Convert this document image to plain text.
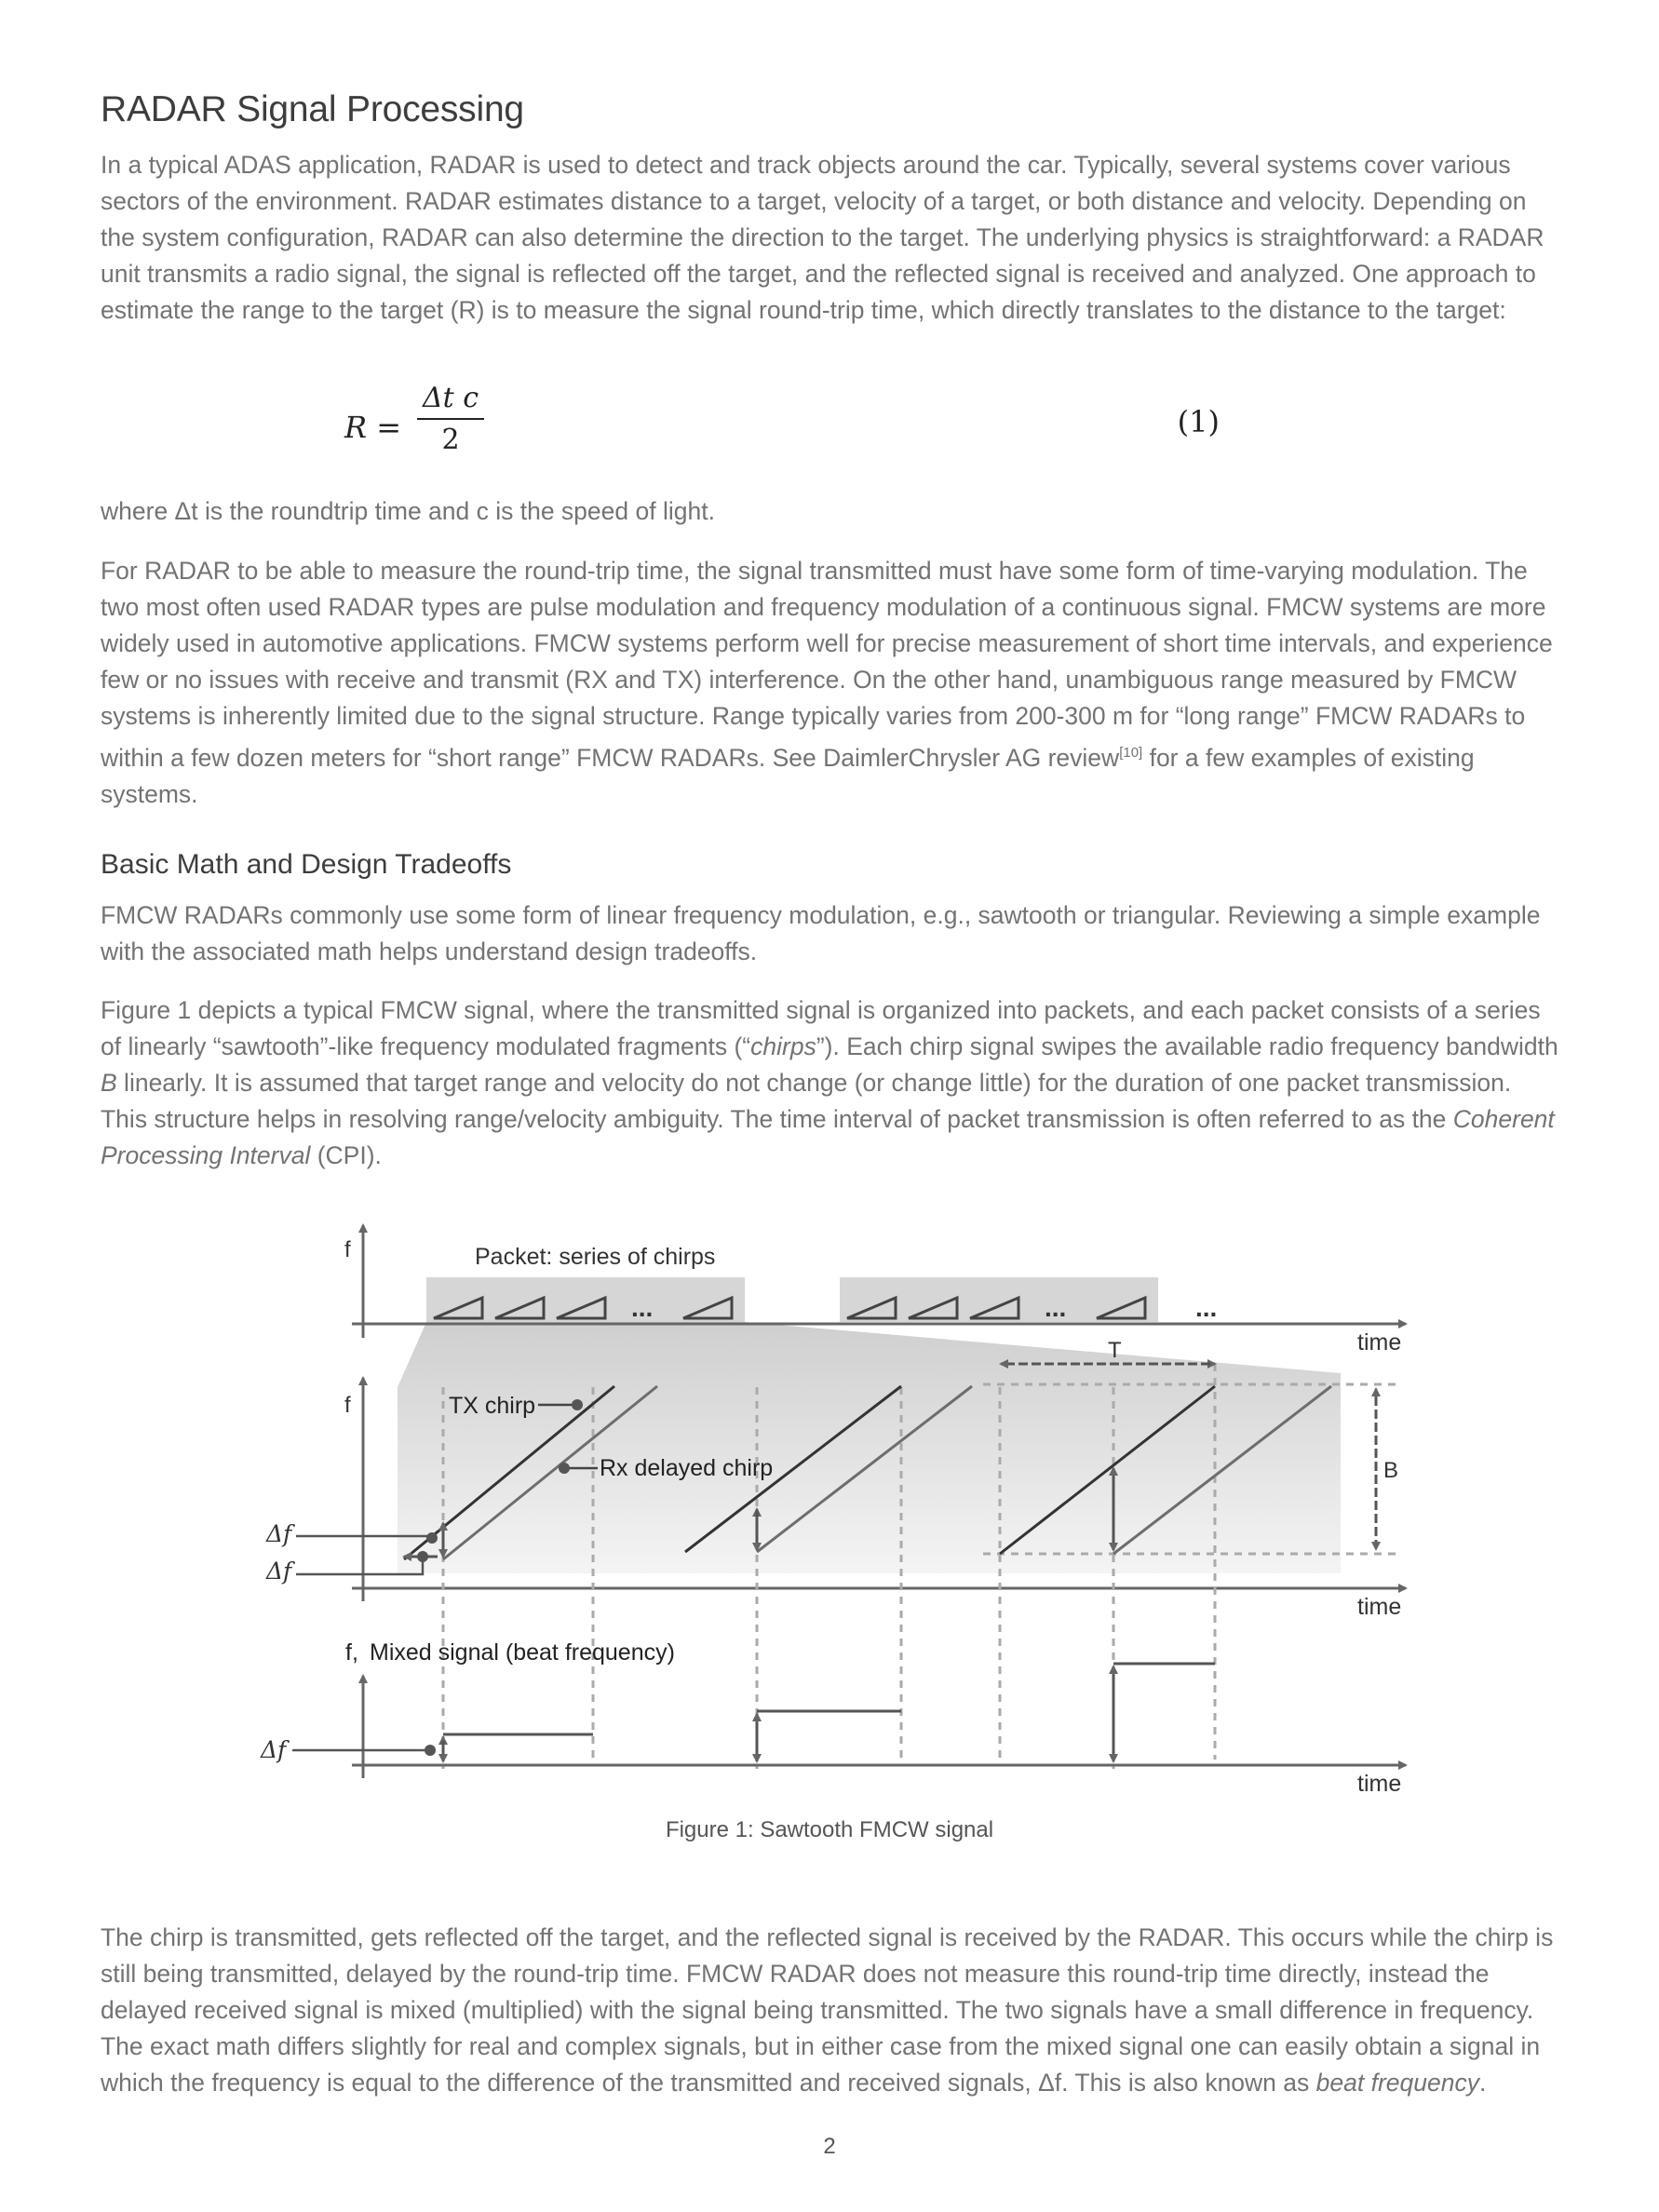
RADAR Signal Processing

In a typical ADAS application, RADAR is used to detect and track objects around the car. Typically, several systems cover various sectors of the environment. RADAR estimates distance to a target, velocity of a target, or both distance and velocity. Depending on the system configuration, RADAR can also determine the direction to the target. The underlying physics is straightforward: a RADAR unit transmits a radio signal, the signal is reflected off the target, and the reflected signal is received and analyzed. One approach to estimate the range to the target (R) is to measure the signal round-trip time, which directly translates to the distance to the target:

where Δt is the roundtrip time and c is the speed of light.

For RADAR to be able to measure the round-trip time, the signal transmitted must have some form of time-varying modulation. The two most often used RADAR types are pulse modulation and frequency modulation of a continuous signal. FMCW systems are more widely used in automotive applications. FMCW systems perform well for precise measurement of short time intervals, and experience few or no issues with receive and transmit (RX and TX) interference. On the other hand, unambiguous range measured by FMCW systems is inherently limited due to the signal structure. Range typically varies from 200-300 m for “long range” FMCW RADARs to within a few dozen meters for “short range” FMCW RADARs. See DaimlerChrysler AG review[10] for a few examples of existing systems.

Basic Math and Design Tradeoffs

FMCW RADARs commonly use some form of linear frequency modulation, e.g., sawtooth or triangular. Reviewing a simple example with the associated math helps understand design tradeoffs.

Figure 1 depicts a typical FMCW signal, where the transmitted signal is organized into packets, and each packet consists of a series of linearly “sawtooth”-like frequency modulated fragments (“chirps”). Each chirp signal swipes the available radio frequency bandwidth B linearly. It is assumed that target range and velocity do not change (or change little) for the duration of one packet transmission. This structure helps in resolving range/velocity ambiguity. The time interval of packet transmission is often referred to as the Coherent Processing Interval (CPI).

The chirp is transmitted, gets reflected off the target, and the reflected signal is received by the RADAR. This occurs while the chirp is still being transmitted, delayed by the round-trip time. FMCW RADAR does not measure this round-trip time directly, instead the delayed received signal is mixed (multiplied) with the signal being transmitted. The two signals have a small difference in frequency. The exact math differs slightly for real and complex signals, but in either case from the mixed signal one can easily obtain a signal in which the frequency is equal to the difference of the transmitted and received signals, Δf. This is also known as beat frequency.

$R = \frac{\text{Δt c}}{2}$	(1)
f	Packet: series of chirps
time
...	...	...
f
time
TX chirp
Rx delayed chirp
T
B
Δf
Δf
f, Mixed signal (beat frequency)
time
Δf
Figure 1: Sawtooth FMCW signal
2
